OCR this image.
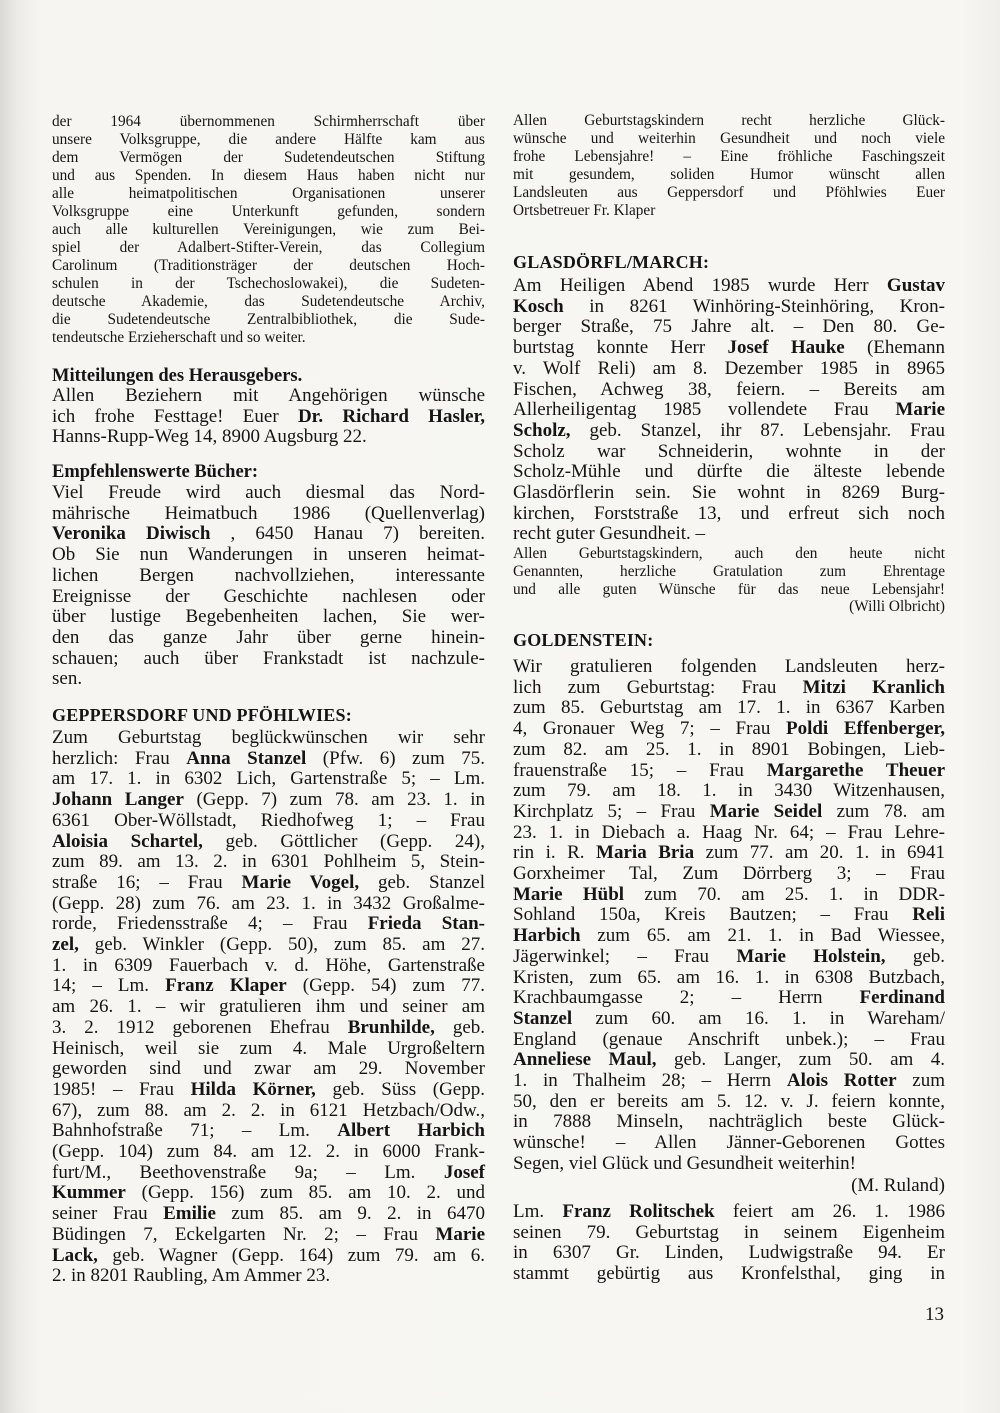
der 1964 übernommenen Schirmherrschaft über
unsere Volksgruppe, die andere Hälfte kam aus
dem Vermögen der Sudetendeutschen Stiftung
und aus Spenden. In diesem Haus haben nicht nur
alle heimatpolitischen Organisationen unserer
Volksgruppe eine Unterkunft gefunden, sondern
auch alle kulturellen Vereinigungen, wie zum Bei-
spiel der Adalbert-Stifter-Verein, das Collegium
Carolinum (Traditionsträger der deutschen Hoch-
schulen in der Tschechoslowakei), die Sudeten-
deutsche Akademie, das Sudetendeutsche Archiv,
die Sudetendeutsche Zentralbibliothek, die Sude-
tendeutsche Erzieherschaft und so weiter.
Mitteilungen des Herausgebers.
Allen Beziehern mit Angehörigen wünsche
ich frohe Festtage! Euer Dr. Richard Hasler,
Hanns-Rupp-Weg 14, 8900 Augsburg 22.
Empfehlenswerte Bücher:
Viel Freude wird auch diesmal das Nord-
mährische Heimatbuch 1986 (Quellenverlag)
Veronika Diwisch , 6450 Hanau 7) bereiten.
Ob Sie nun Wanderungen in unseren heimat-
lichen Bergen nachvollziehen, interessante
Ereignisse der Geschichte nachlesen oder
über lustige Begebenheiten lachen, Sie wer-
den das ganze Jahr über gerne hinein-
schauen; auch über Frankstadt ist nachzule-
sen.
GEPPERSDORF UND PFÖHLWIES:
Zum Geburtstag beglückwünschen wir sehr
herzlich: Frau Anna Stanzel (Pfw. 6) zum 75.
am 17. 1. in 6302 Lich, Gartenstraße 5; – Lm.
Johann Langer (Gepp. 7) zum 78. am 23. 1. in
6361 Ober-Wöllstadt, Riedhofweg 1; – Frau
Aloisia Schartel, geb. Göttlicher (Gepp. 24),
zum 89. am 13. 2. in 6301 Pohlheim 5, Stein-
straße 16; – Frau Marie Vogel, geb. Stanzel
(Gepp. 28) zum 76. am 23. 1. in 3432 Großalme-
rorde, Friedensstraße 4; – Frau Frieda Stan-
zel, geb. Winkler (Gepp. 50), zum 85. am 27.
1. in 6309 Fauerbach v. d. Höhe, Gartenstraße
14; – Lm. Franz Klaper (Gepp. 54) zum 77.
am 26. 1. – wir gratulieren ihm und seiner am
3. 2. 1912 geborenen Ehefrau Brunhilde, geb.
Heinisch, weil sie zum 4. Male Urgroßeltern
geworden sind und zwar am 29. November
1985! – Frau Hilda Körner, geb. Süss (Gepp.
67), zum 88. am 2. 2. in 6121 Hetzbach/Odw.,
Bahnhofstraße 71; – Lm. Albert Harbich
(Gepp. 104) zum 84. am 12. 2. in 6000 Frank-
furt/M., Beethovenstraße 9a; – Lm. Josef
Kummer (Gepp. 156) zum 85. am 10. 2. und
seiner Frau Emilie zum 85. am 9. 2. in 6470
Büdingen 7, Eckelgarten Nr. 2; – Frau Marie
Lack, geb. Wagner (Gepp. 164) zum 79. am 6.
2. in 8201 Raubling, Am Ammer 23.
Allen Geburtstagskindern recht herzliche Glück-
wünsche und weiterhin Gesundheit und noch viele
frohe Lebensjahre! – Eine fröhliche Faschingszeit
mit gesundem, soliden Humor wünscht allen
Landsleuten aus Geppersdorf und Pföhlwies Euer
Ortsbetreuer Fr. Klaper
GLASDÖRFL/MARCH:
Am Heiligen Abend 1985 wurde Herr Gustav
Kosch in 8261 Winhöring-Steinhöring, Kron-
berger Straße, 75 Jahre alt. – Den 80. Ge-
burtstag konnte Herr Josef Hauke (Ehemann
v. Wolf Reli) am 8. Dezember 1985 in 8965
Fischen, Achweg 38, feiern. – Bereits am
Allerheiligentag 1985 vollendete Frau Marie
Scholz, geb. Stanzel, ihr 87. Lebensjahr. Frau
Scholz war Schneiderin, wohnte in der
Scholz-Mühle und dürfte die älteste lebende
Glasdörflerin sein. Sie wohnt in 8269 Burg-
kirchen, Forststraße 13, und erfreut sich noch
recht guter Gesundheit. –
Allen Geburtstagskindern, auch den heute nicht
Genannten, herzliche Gratulation zum Ehrentage
und alle guten Wünsche für das neue Lebensjahr!
(Willi Olbricht)
GOLDENSTEIN:
Wir gratulieren folgenden Landsleuten herz-
lich zum Geburtstag: Frau Mitzi Kranlich
zum 85. Geburtstag am 17. 1. in 6367 Karben
4, Gronauer Weg 7; – Frau Poldi Effenberger,
zum 82. am 25. 1. in 8901 Bobingen, Lieb-
frauenstraße 15; – Frau Margarethe Theuer
zum 79. am 18. 1. in 3430 Witzenhausen,
Kirchplatz 5; – Frau Marie Seidel zum 78. am
23. 1. in Diebach a. Haag Nr. 64; – Frau Lehre-
rin i. R. Maria Bria zum 77. am 20. 1. in 6941
Gorxheimer Tal, Zum Dörrberg 3; – Frau
Marie Hübl zum 70. am 25. 1. in DDR-
Sohland 150a, Kreis Bautzen; – Frau Reli
Harbich zum 65. am 21. 1. in Bad Wiessee,
Jägerwinkel; – Frau Marie Holstein, geb.
Kristen, zum 65. am 16. 1. in 6308 Butzbach,
Krachbaumgasse 2; – Herrn Ferdinand
Stanzel zum 60. am 16. 1. in Wareham/
England (genaue Anschrift unbek.); – Frau
Anneliese Maul, geb. Langer, zum 50. am 4.
1. in Thalheim 28; – Herrn Alois Rotter zum
50, den er bereits am 5. 12. v. J. feiern konnte,
in 7888 Minseln, nachträglich beste Glück-
wünsche! – Allen Jänner-Geborenen Gottes
Segen, viel Glück und Gesundheit weiterhin!
(M. Ruland)
Lm. Franz Rolitschek feiert am 26. 1. 1986
seinen 79. Geburtstag in seinem Eigenheim
in 6307 Gr. Linden, Ludwigstraße 94. Er
stammt gebürtig aus Kronfelsthal, ging in
13
